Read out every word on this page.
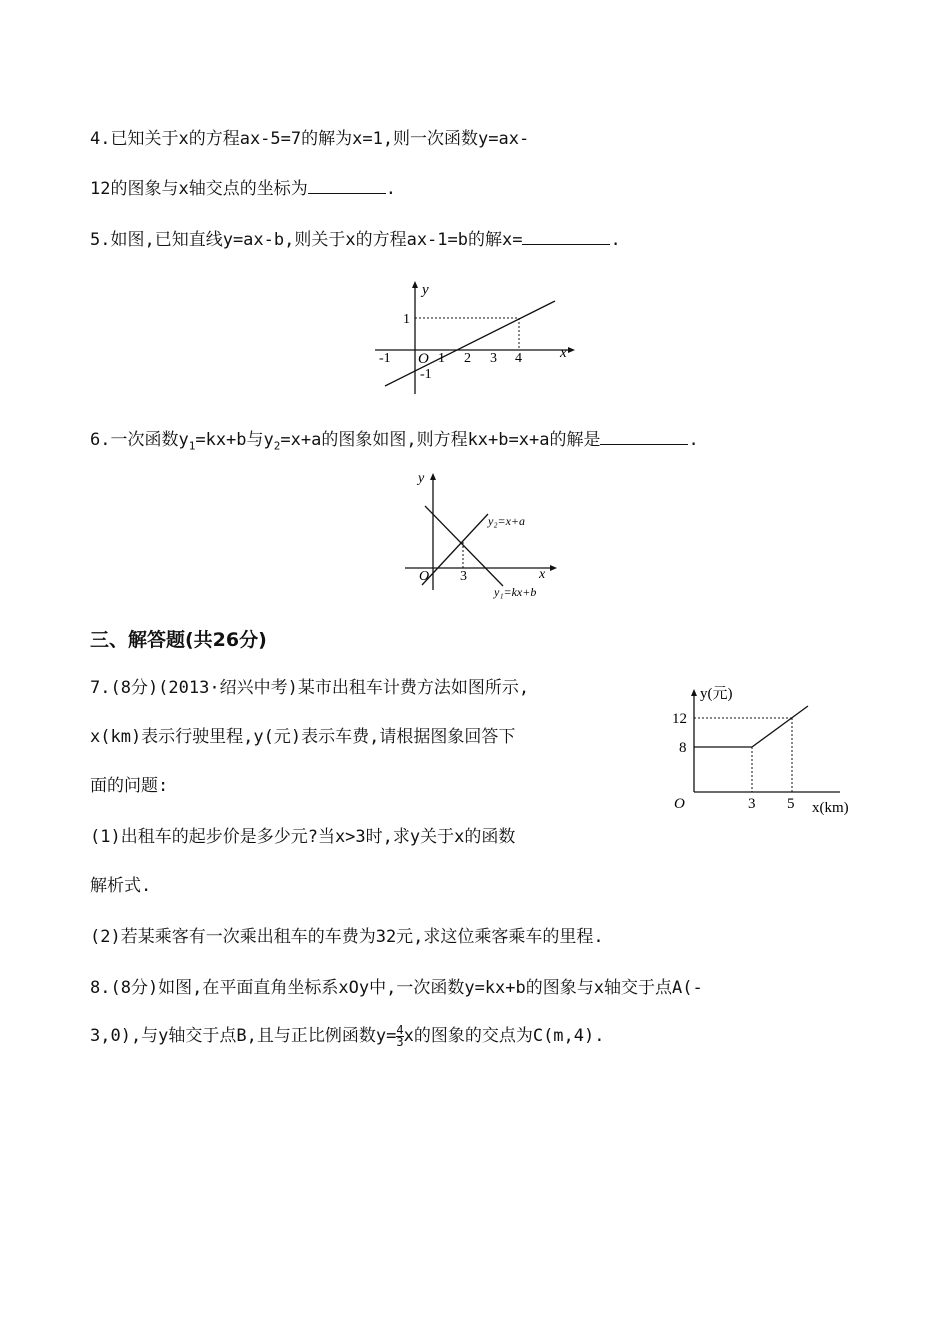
4.已知关于x的方程ax-5=7的解为x=1,则一次函数y=ax-
12的图象与x轴交点的坐标为	.
5.如图,已知直线y=ax-b,则关于x的方程ax-1=b的解x=	.
y
x
O
-1	1 2 3 4
1
-1
6.一次函数$y_1=kx+b$与$y_2=x+a$的图象如图,则方程kx+b=x+a的解是	.
y
x
O 3
y₂=x+a
y₁=kx+b
三、解答题(共26分)
7.(8分)(2013·绍兴中考)某市出租车计费方法如图所示,
x(km)表示行驶里程,y(元)表示车费,请根据图象回答下
面的问题:
(1)出租车的起步价是多少元?当x>3时,求y关于x的函数
解析式.
(2)若某乘客有一次乘出租车的车费为32元,求这位乘客乘车的里程.
y(元)
x(km)
O
12
8
3 5
8.(8分)如图,在平面直角坐标系xOy中,一次函数y=kx+b的图象与x轴交于点A(-
3,0),与y轴交于点B,且与正比例函数$y= \frac{4}{3}$ x的图象的交点为C(m,4).
